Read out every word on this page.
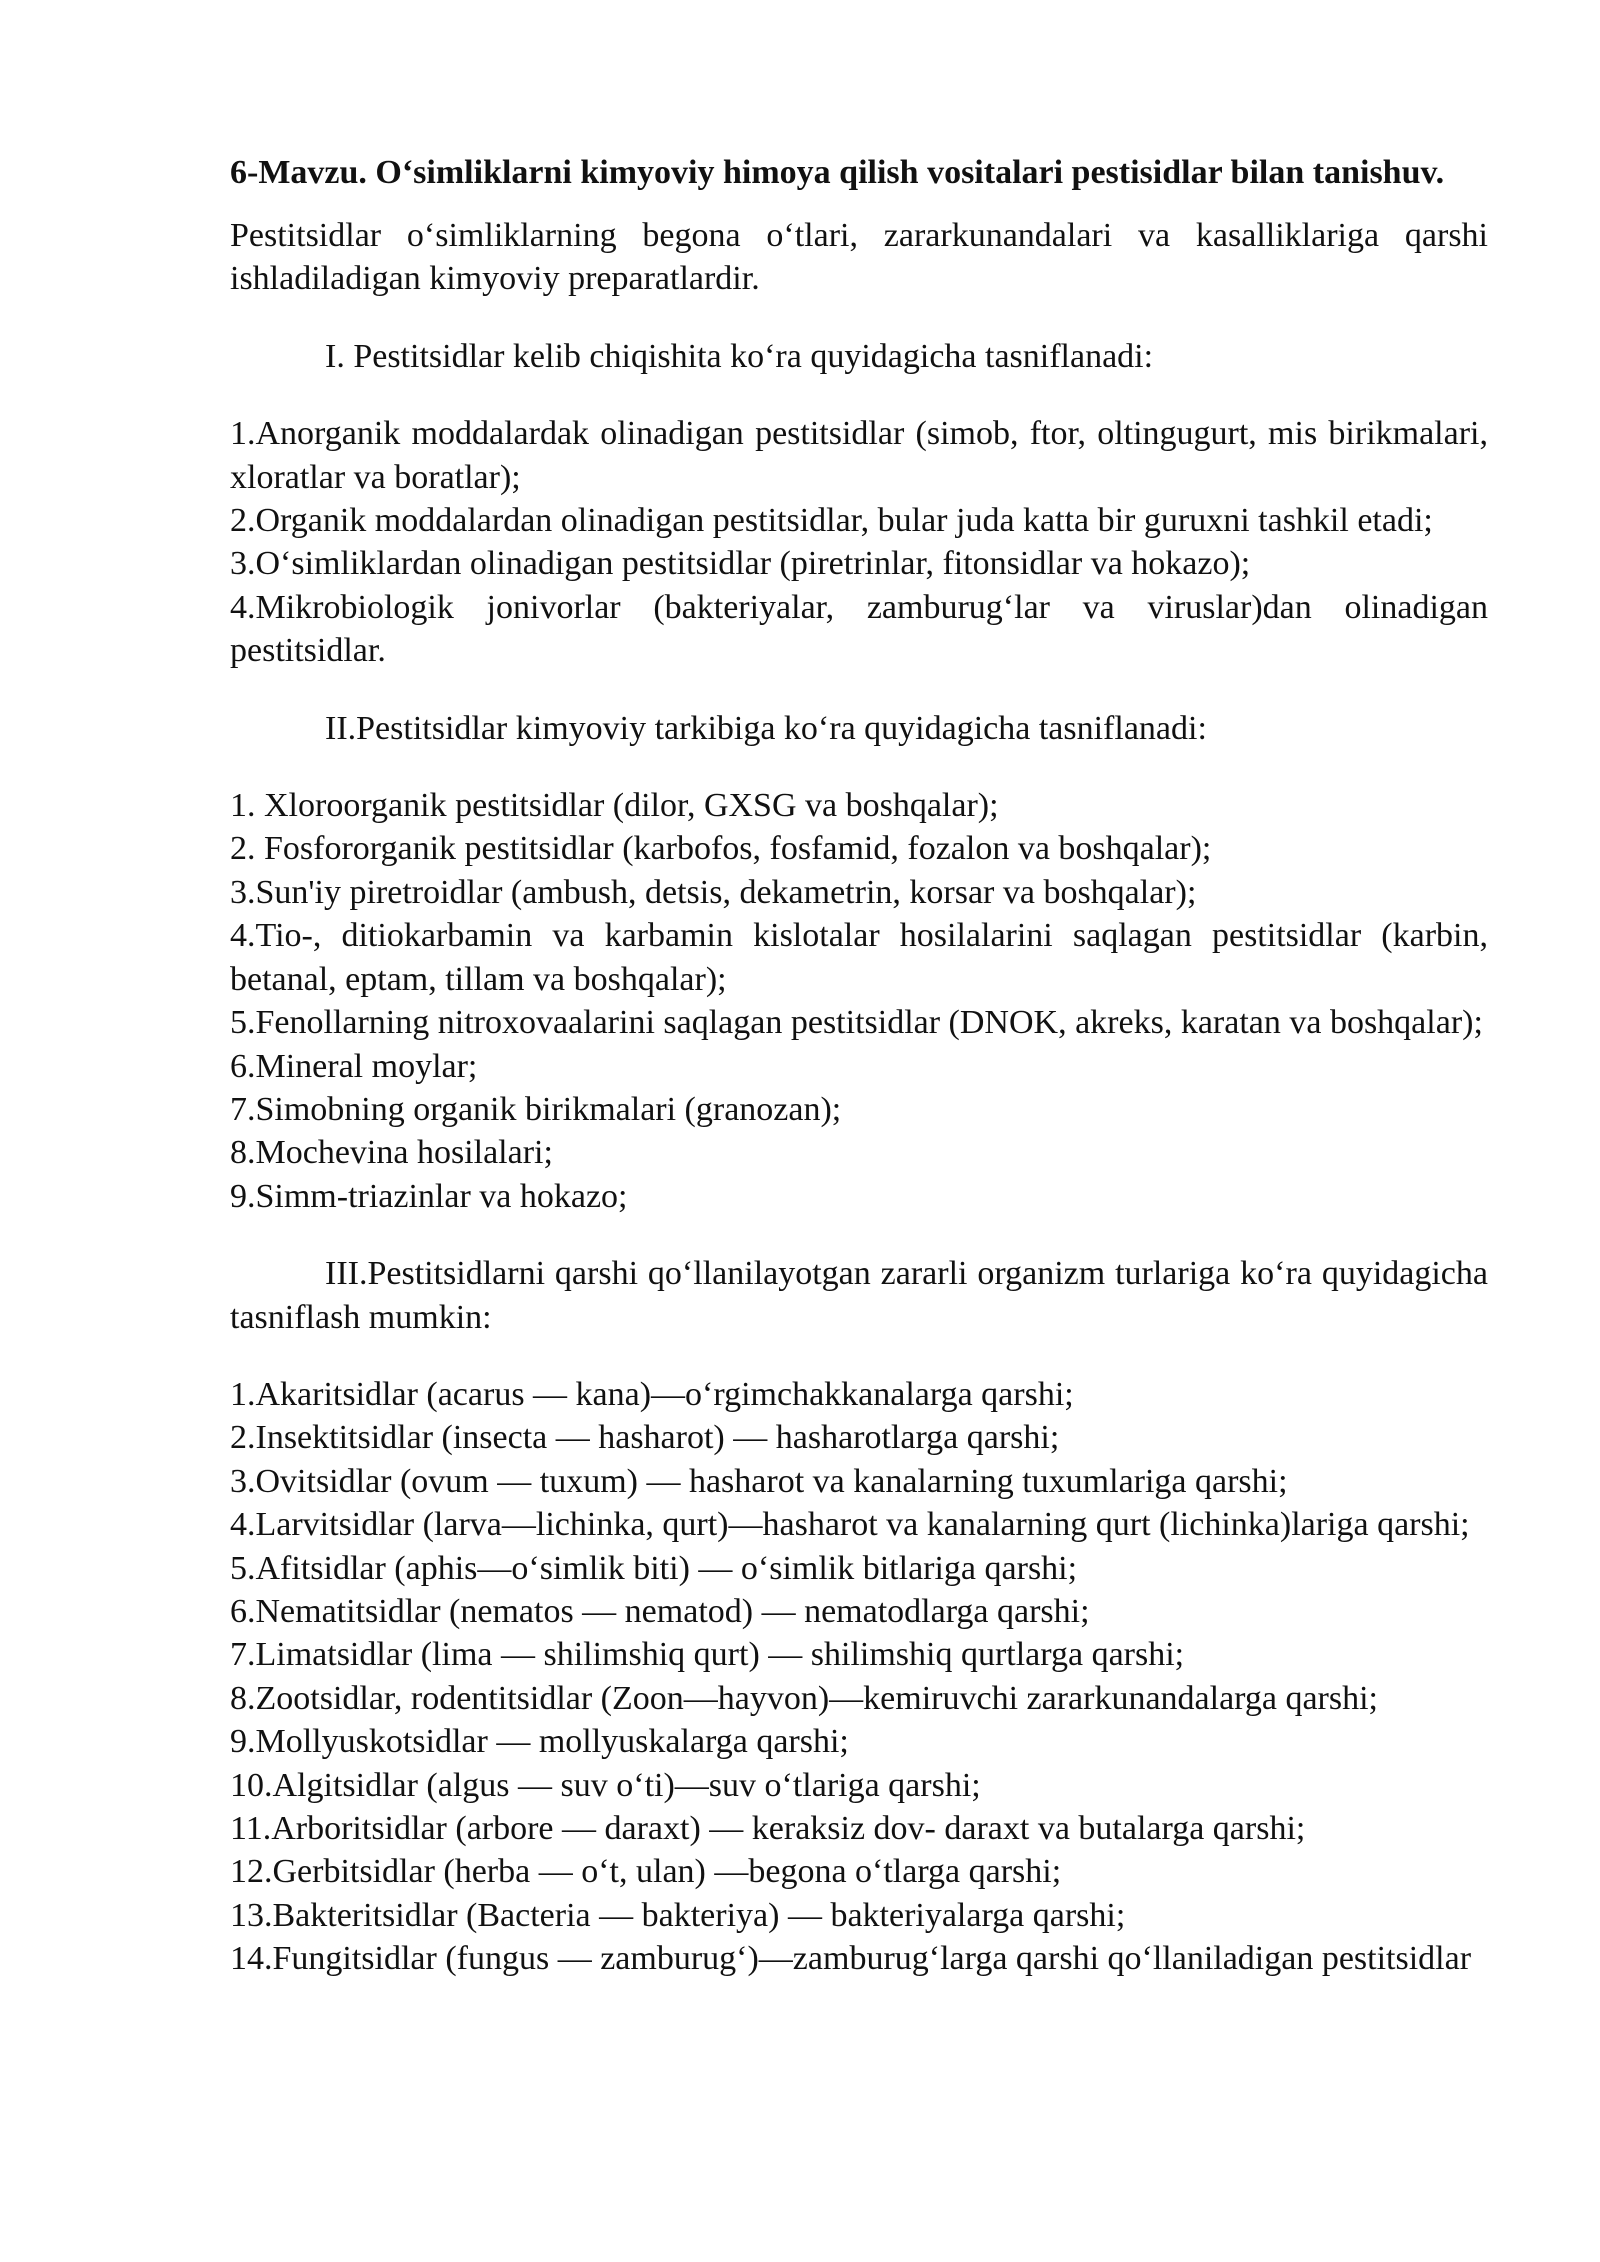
6-Mavzu. O‘simliklarni kimyoviy himoya qilish vositalari pestisidlar bilan tanishuv.

Pestitsidlar o‘simliklarning begona o‘tlari, zararkunandalari va kasalliklariga qarshi ishladiladigan kimyoviy preparatlardir.

I. Pestitsidlar kelib chiqishita ko‘ra quyidagicha tasniflanadi:

1.Anorganik moddalardak olinadigan pestitsidlar (simob, ftor, oltingugurt, mis birikmalari, xloratlar va boratlar);

2.Organik moddalardan olinadigan pestitsidlar, bular juda katta bir guruxni tashkil etadi;

3.O‘simliklardan olinadigan pestitsidlar (piretrinlar, fitonsidlar va hokazo);

4.Mikrobiologik jonivorlar (bakteriyalar, zamburug‘lar va viruslar)dan olinadigan pestitsidlar.

II.Pestitsidlar kimyoviy tarkibiga ko‘ra quyidagicha tasniflanadi:

1. Xloroorganik pestitsidlar (dilor, GXSG va boshqalar);

2. Fosfororganik pestitsidlar (karbofos, fosfamid, fozalon va boshqalar);

3.Sun'iy piretroidlar (ambush, detsis, dekametrin, korsar va boshqalar);

4.Tio-, ditiokarbamin va karbamin kislotalar hosilalarini saqlagan pestitsidlar (karbin, betanal, eptam, tillam va boshqalar);

5.Fenollarning nitroxovaalarini saqlagan pestitsidlar (DNOK, akreks, karatan va boshqalar);

6.Mineral moylar;

7.Simobning organik birikmalari (granozan);

8.Mochevina hosilalari;

9.Simm-triazinlar va hokazo;

III.Pestitsidlarni qarshi qo‘llanilayotgan zararli organizm turlariga ko‘ra quyidagicha tasniflash mumkin:

1.Akaritsidlar (acarus — kana)—o‘rgimchakkanalarga qarshi;

2.Insektitsidlar (insecta — hasharot) — hasharotlarga qarshi;

3.Ovitsidlar (ovum — tuxum) — hasharot va kanalarning tuxumlariga qarshi;

4.Larvitsidlar (larva—lichinka, qurt)—hasharot va kanalarning qurt (lichinka)lariga qarshi;

5.Afitsidlar (aphis—o‘simlik biti) — o‘simlik bitlariga qarshi;

6.Nematitsidlar (nematos — nematod) — nematodlarga qarshi;

7.Limatsidlar (lima — shilimshiq qurt) — shilimshiq qurtlarga qarshi;

8.Zootsidlar, rodentitsidlar (Zoon—hayvon)—kemiruvchi zararkunandalarga qarshi;

9.Mollyuskotsidlar — mollyuskalarga qarshi;

10.Algitsidlar (algus — suv o‘ti)—suv o‘tlariga qarshi;

11.Arboritsidlar (arbore — daraxt) — keraksiz dov- daraxt va butalarga qarshi;

12.Gerbitsidlar (herba — o‘t, ulan) —begona o‘tlarga qarshi;

13.Bakteritsidlar (Bacteria — bakteriya) — bakteriyalarga qarshi;

14.Fungitsidlar (fungus — zamburug‘)—zamburug‘larga qarshi qo‘llaniladigan pestitsidlar
